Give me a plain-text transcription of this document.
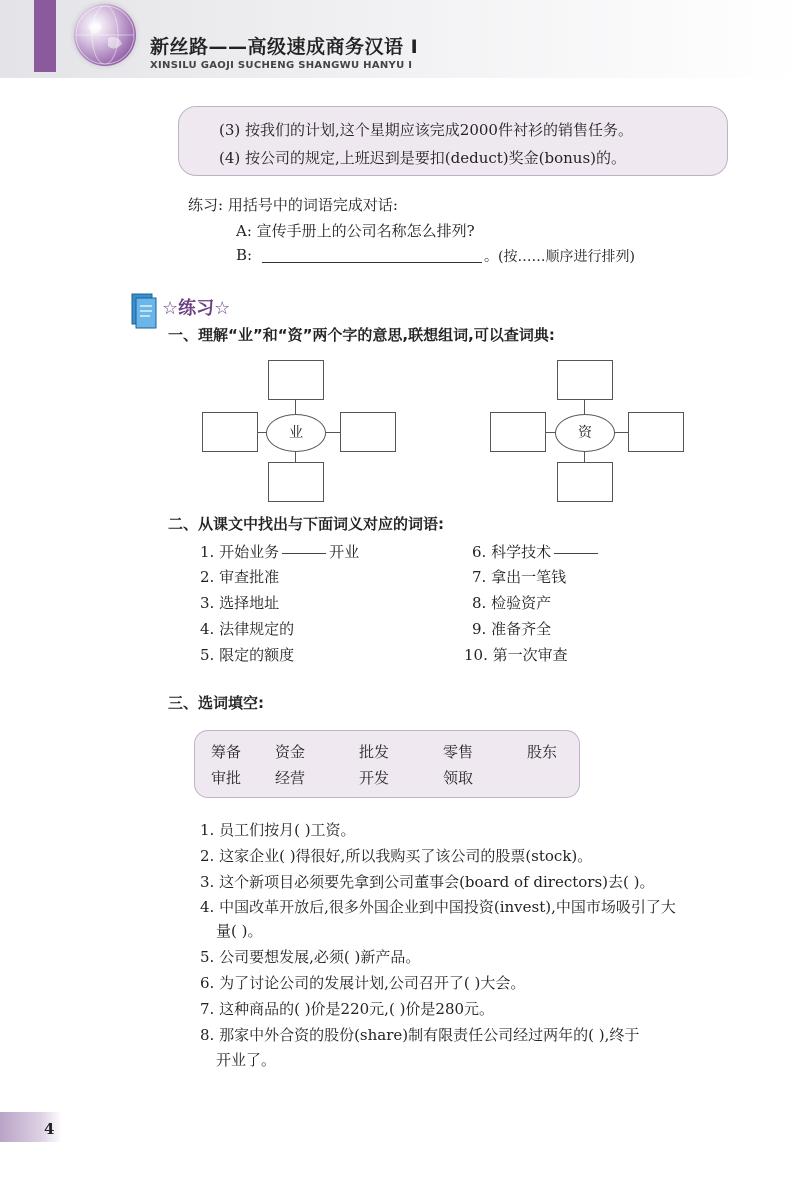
新丝路——高级速成商务汉语 I
XINSILU GAOJI SUCHENG SHANGWU HANYU I
(3) 按我们的计划,这个星期应该完成2000件衬衫的销售任务。
(4) 按公司的规定,上班迟到是要扣(deduct)奖金(bonus)的。
练习: 用括号中的词语完成对话:
A: 宣传手册上的公司名称怎么排列?
B:	。(按……顺序进行排列)
☆练习☆
一、理解“业”和“资”两个字的意思,联想组词,可以查词典:
业	资
二、从课文中找出与下面词义对应的词语:
1. 开始业务	开业
2. 审查批准
3. 选择地址
4. 法律规定的
5. 限定的额度
6. 科学技术
7. 拿出一笔钱
8. 检验资产
9. 准备齐全
10. 第一次审查
三、选词填空:
筹备 资金	批发	零售	股东
审批 经营	开发	领取
1. 员工们按月( )工资。
2. 这家企业( )得很好,所以我购买了该公司的股票(stock)。
3. 这个新项目必须要先拿到公司董事会(board of directors)去( )。
4. 中国改革开放后,很多外国企业到中国投资(invest),中国市场吸引了大
量( )。
5. 公司要想发展,必须( )新产品。
6. 为了讨论公司的发展计划,公司召开了( )大会。
7. 这种商品的( )价是220元,( )价是280元。
8. 那家中外合资的股份(share)制有限责任公司经过两年的( ),终于
开业了。
4
